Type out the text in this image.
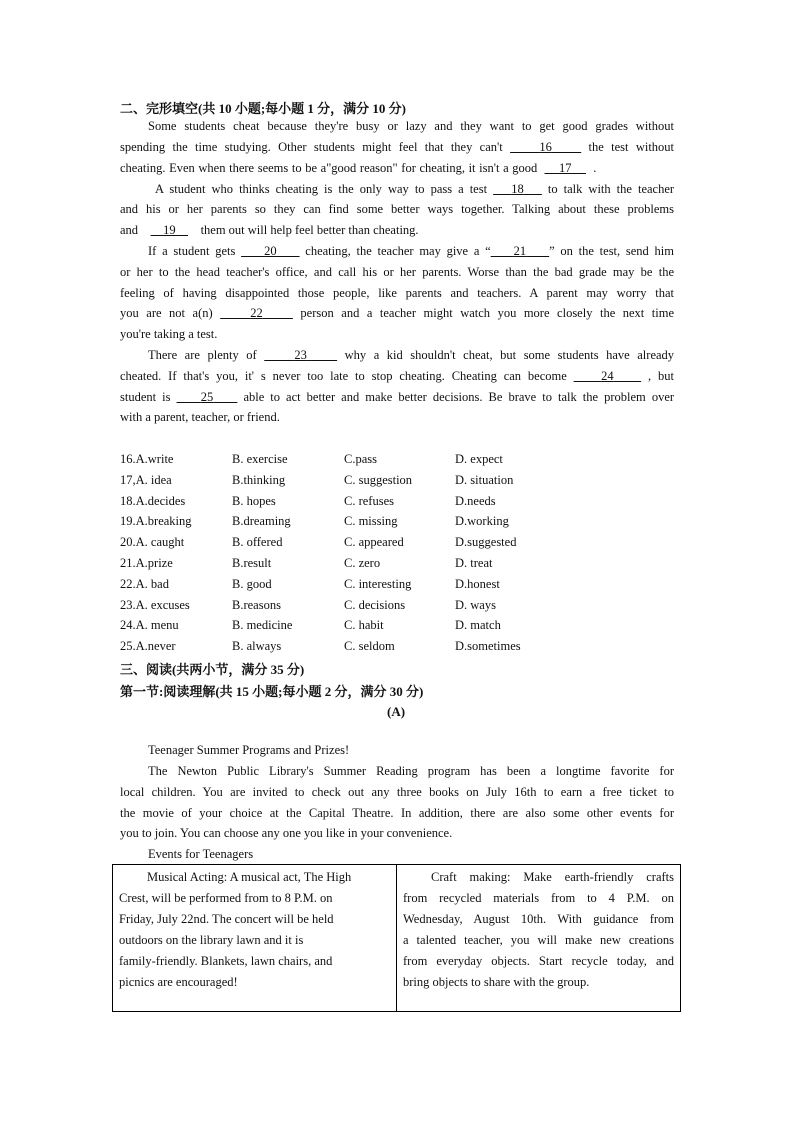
二、完形填空(共 10 小题;每小题 1 分，满分 10 分)
Some students cheat because they're busy or lazy and they want to get good grades without
spending the time studying. Other students might feel that they can't	16	the test without
cheating. Even when there seems to be a"good reason" for cheating, it isn't a good 17 .
A student who thinks cheating is the only way to pass a test 18 to talk with the teacher
and his or her parents so they can find some better ways together. Talking about these problems
and 19 them out will help feel better than cheating.
If a student gets 20 cheating, the teacher may give a “ 21 ” on the test, send him
or her to the head teacher's office, and call his or her parents. Worse than the bad grade may be the
feeling of having disappointed those people, like parents and teachers. A parent may worry that
you are not a(n)	22	person and a teacher might watch you more closely the next time
you're taking a test.
There are plenty of	23	why a kid shouldn't cheat, but some students have already
cheated. If that's you, it' s never too late to stop cheating. Cheating can become	24	, but
student is 25 able to act better and make better decisions. Be brave to talk the problem over
with a parent, teacher, or friend.
16.A.write	B. exercise	C.pass	D. expect
17,A. idea	B.thinking	C. suggestion	D. situation
18.A.decides	B. hopes	C. refuses	D.needs
19.A.breaking	B.dreaming	C. missing	D.working
20.A. caught	B. offered	C. appeared	D.suggested
21.A.prize	B.result	C. zero	D. treat
22.A. bad	B. good	C. interesting	D.honest
23.A. excuses	B.reasons	C. decisions	D. ways
24.A. menu	B. medicine	C. habit	D. match
25.A.never	B. always	C. seldom	D.sometimes
三、阅读(共两小节，满分 35 分)
第一节:阅读理解(共 15 小题;每小题 2 分，满分 30 分)
(A)
Teenager Summer Programs and Prizes!
The Newton Public Library's Summer Reading program has been a longtime favorite for
local children. You are invited to check out any three books on July 16th to earn a free ticket to
the movie of your choice at the Capital Theatre. In addition, there are also some other events for
you to join. You can choose any one you like in your convenience.
Events for Teenagers
Musical Acting: A musical act, The High
Crest, will be performed from to 8 P.M. on
Friday, July 22nd. The concert will be held
outdoors on the library lawn and it is
family-friendly. Blankets, lawn chairs, and
picnics are encouraged!

Craft making: Make earth-friendly crafts
from recycled materials from to 4 P.M. on
Wednesday, August 10th. With guidance from
a talented teacher, you will make new creations
from everyday objects. Start recycle today, and
bring objects to share with the group.
